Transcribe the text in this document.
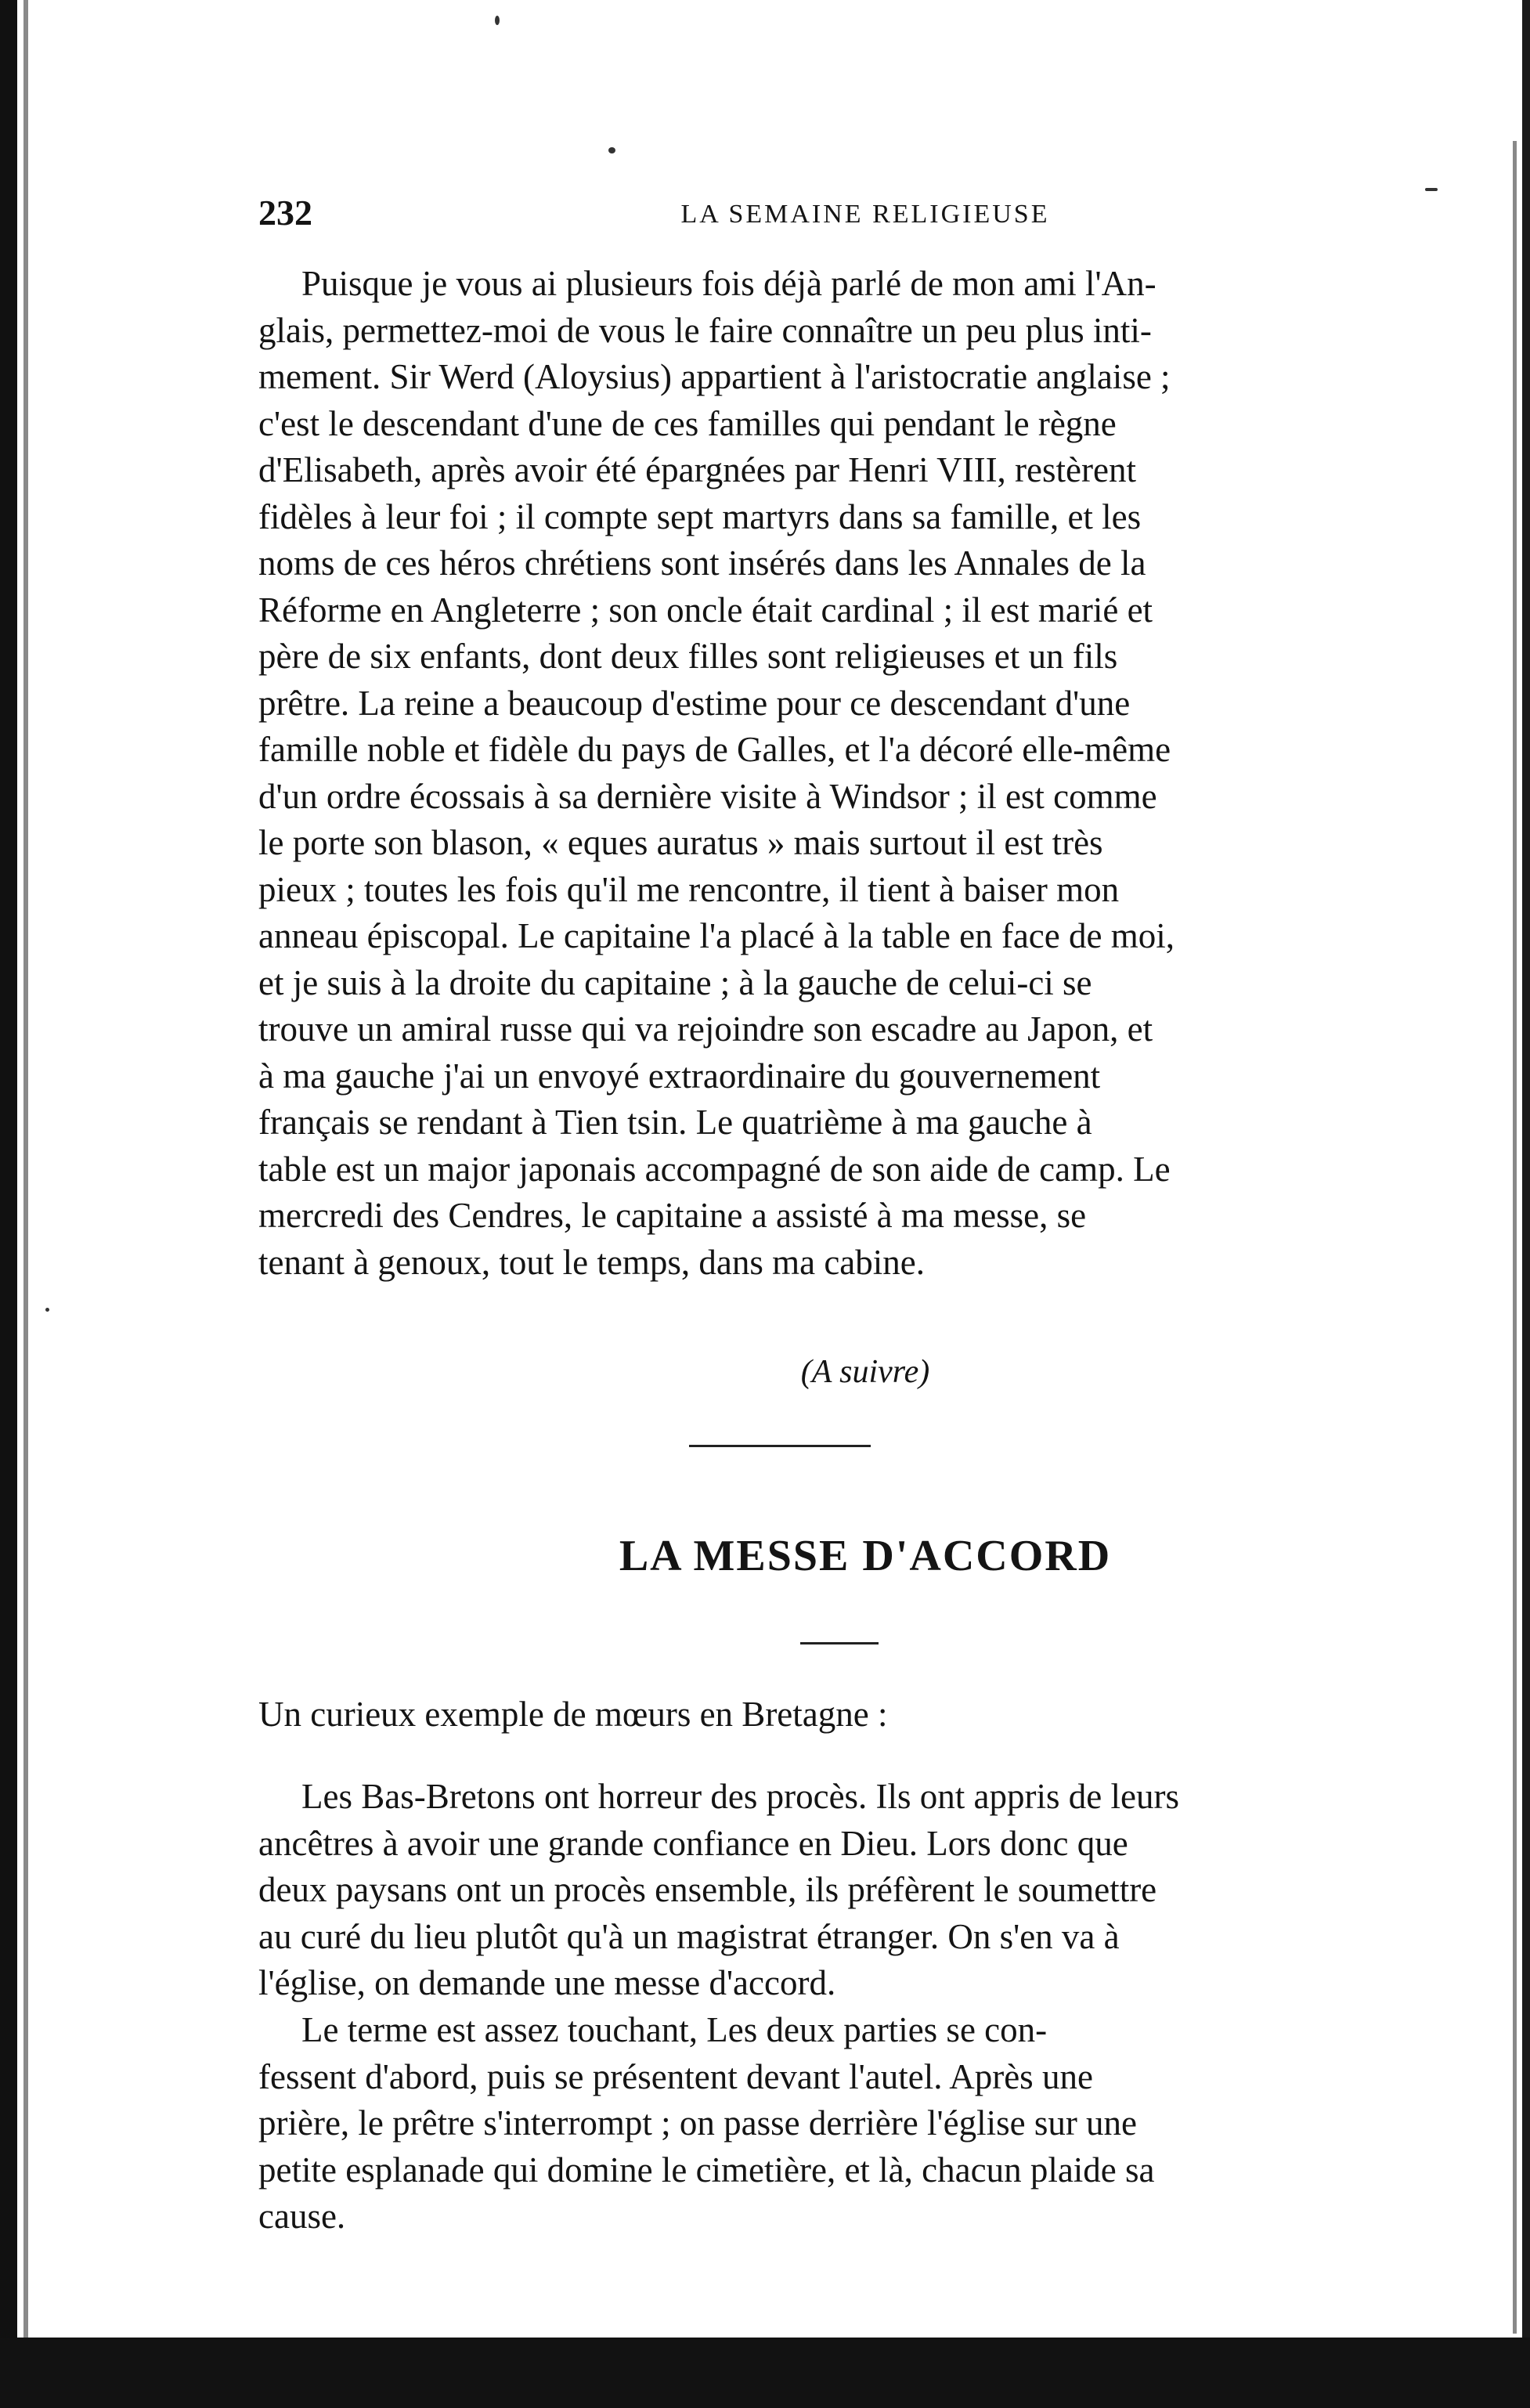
232	LA SEMAINE RELIGIEUSE
Puisque je vous ai plusieurs fois déjà parlé de mon ami l'An-
glais, permettez-moi de vous le faire connaître un peu plus inti-
mement. Sir Werd (Aloysius) appartient à l'aristocratie anglaise ;
c'est le descendant d'une de ces familles qui pendant le règne
d'Elisabeth, après avoir été épargnées par Henri VIII, restèrent
fidèles à leur foi ; il compte sept martyrs dans sa famille, et les
noms de ces héros chrétiens sont insérés dans les Annales de la
Réforme en Angleterre ; son oncle était cardinal ; il est marié et
père de six enfants, dont deux filles sont religieuses et un fils
prêtre. La reine a beaucoup d'estime pour ce descendant d'une
famille noble et fidèle du pays de Galles, et l'a décoré elle-même
d'un ordre écossais à sa dernière visite à Windsor ; il est comme
le porte son blason, « eques auratus » mais surtout il est très
pieux ; toutes les fois qu'il me rencontre, il tient à baiser mon
anneau épiscopal. Le capitaine l'a placé à la table en face de moi,
et je suis à la droite du capitaine ; à la gauche de celui-ci se
trouve un amiral russe qui va rejoindre son escadre au Japon, et
à ma gauche j'ai un envoyé extraordinaire du gouvernement
français se rendant à Tien tsin. Le quatrième à ma gauche à
table est un major japonais accompagné de son aide de camp. Le
mercredi des Cendres, le capitaine a assisté à ma messe, se
tenant à genoux, tout le temps, dans ma cabine.
(A suivre)
LA MESSE D'ACCORD
Un curieux exemple de mœurs en Bretagne :
Les Bas-Bretons ont horreur des procès. Ils ont appris de leurs
ancêtres à avoir une grande confiance en Dieu. Lors donc que
deux paysans ont un procès ensemble, ils préfèrent le soumettre
au curé du lieu plutôt qu'à un magistrat étranger. On s'en va à
l'église, on demande une messe d'accord.
Le terme est assez touchant, Les deux parties se con-
fessent d'abord, puis se présentent devant l'autel. Après une
prière, le prêtre s'interrompt ; on passe derrière l'église sur une
petite esplanade qui domine le cimetière, et là, chacun plaide sa
cause.
